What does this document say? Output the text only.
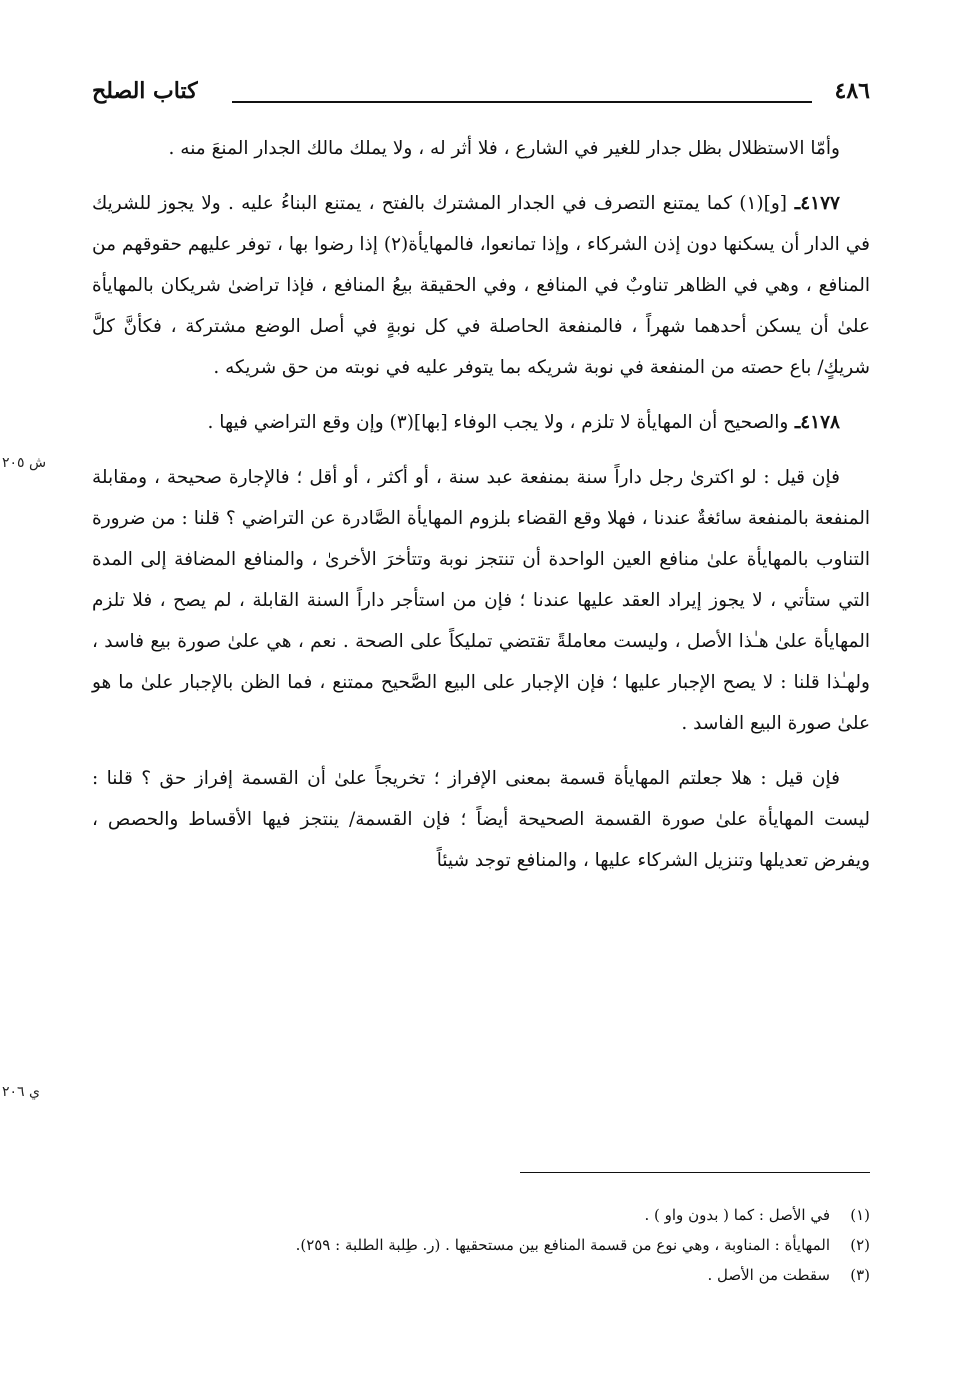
٤٨٦
كتاب الصلح

وأمّا الاستظلال بظل جدار للغير في الشارع ، فلا أثر له ، ولا يملك مالك الجدار المنعَ منه .

٤١٧٧ـ [و](١) كما يمتنع التصرف في الجدار المشترك بالفتح ، يمتنع البناءُ عليه . ولا يجوز للشريك في الدار أن يسكنها دون إذن الشركاء ، وإذا تمانعوا، فالمهايأة(٢) إذا رضوا بها ، توفر عليهم حقوقهم من المنافع ، وهي في الظاهر تناوبٌ في المنافع ، وفي الحقيقة بيعُ المنافع ، فإذا تراضىٰ شريكان بالمهايأة علىٰ أن يسكن أحدهما شهراً ، فالمنفعة الحاصلة في كل نوبةٍ في أصل الوضع مشتركة ، فكأنَّ كلَّ شريكٍ/ باع حصته من المنفعة في نوبة شريكه بما يتوفر عليه في نوبته من حق شريكه .

٤١٧٨ـ والصحيح أن المهايأة لا تلزم ، ولا يجب الوفاء [بها](٣) وإن وقع التراضي فيها .

فإن قيل : لو اكترىٰ رجل داراً سنة بمنفعة عبد سنة ، أو أكثر ، أو أقل ؛ فالإجارة صحيحة ، ومقابلة المنفعة بالمنفعة سائغةٌ عندنا ، فهلا وقع القضاء بلزوم المهايأة الصَّادرة عن التراضي ؟ قلنا : من ضرورة التناوب بالمهايأة علىٰ منافع العين الواحدة أن تنتجز نوبة وتتأخرَ الأخرىٰ ، والمنافع المضافة إلى المدة التي ستأتي ، لا يجوز إيراد العقد عليها عندنا ؛ فإن من استأجر داراً السنة القابلة ، لم يصح ، فلا تلزم المهايأة علىٰ هـٰذا الأصل ، وليست معاملةً تقتضي تمليكاً على الصحة . نعم ، هي علىٰ صورة بيع فاسد ، ولهـٰذا قلنا : لا يصح الإجبار عليها ؛ فإن الإجبار على البيع الصَّحيح ممتنع ، فما الظن بالإجبار علىٰ ما هو علىٰ صورة البيع الفاسد .

فإن قيل : هلا جعلتم المهايأة قسمة بمعنى الإفراز ؛ تخريجاً علىٰ أن القسمة إفراز حق ؟ قلنا : ليست المهايأة علىٰ صورة القسمة الصحيحة أيضاً ؛ فإن القسمة/ ينتجز فيها الأقساط والحصص ، ويفرض تعديلها وتنزيل الشركاء عليها ، والمنافع توجد شيئاً

ش ٢٠٥
ي ٢٠٦

(١)في الأصل : كما ( بدون واو ) .

(٢)المهايأة : المناوبة ، وهي نوع من قسمة المنافع بين مستحقيها . (ر. طِلبة الطلبة : ٢٥٩).

(٣)سقطت من الأصل .
